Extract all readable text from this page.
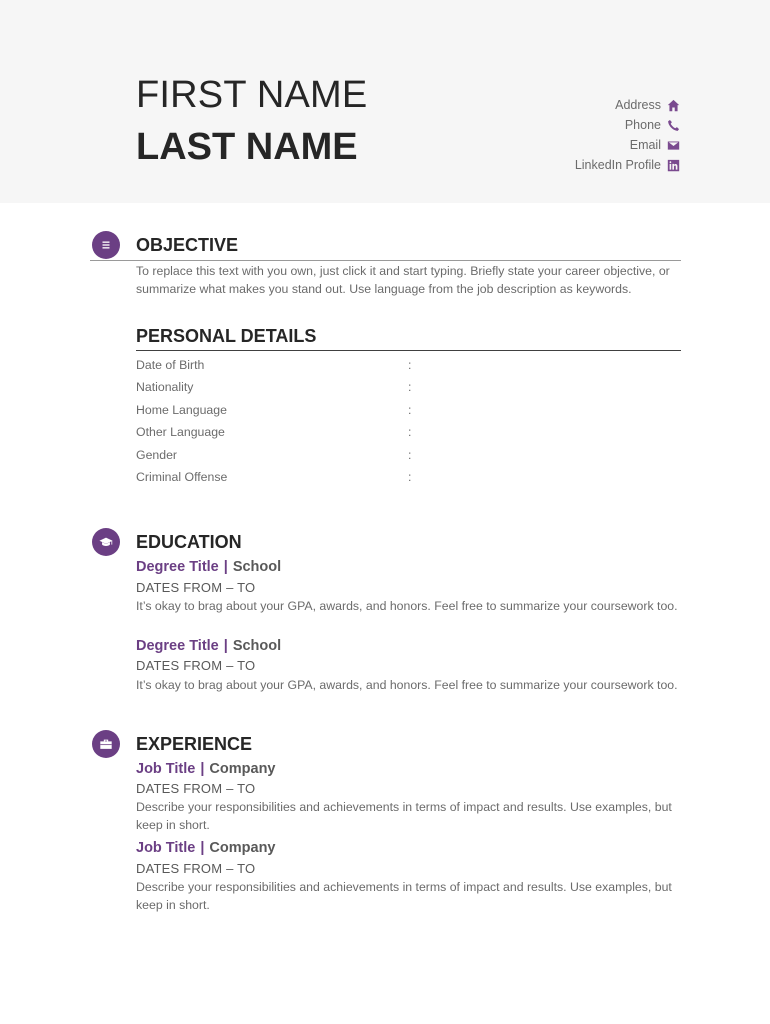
FIRST NAME
LAST NAME
Address
Phone
Email
LinkedIn Profile
OBJECTIVE
To replace this text with you own, just click it and start typing. Briefly state your career objective, or summarize what makes you stand out. Use language from the job description as keywords.
PERSONAL DETAILS
Date of Birth	:
Nationality	:
Home Language	:
Other Language	:
Gender	:
Criminal Offense	:
EDUCATION
Degree Title | School
DATES FROM – TO
It’s okay to brag about your GPA, awards, and honors. Feel free to summarize your coursework too.
Degree Title | School
DATES FROM – TO
It’s okay to brag about your GPA, awards, and honors. Feel free to summarize your coursework too.
EXPERIENCE
Job Title | Company
DATES FROM – TO
Describe your responsibilities and achievements in terms of impact and results. Use examples, but keep in short.
Job Title | Company
DATES FROM – TO
Describe your responsibilities and achievements in terms of impact and results. Use examples, but keep in short.
